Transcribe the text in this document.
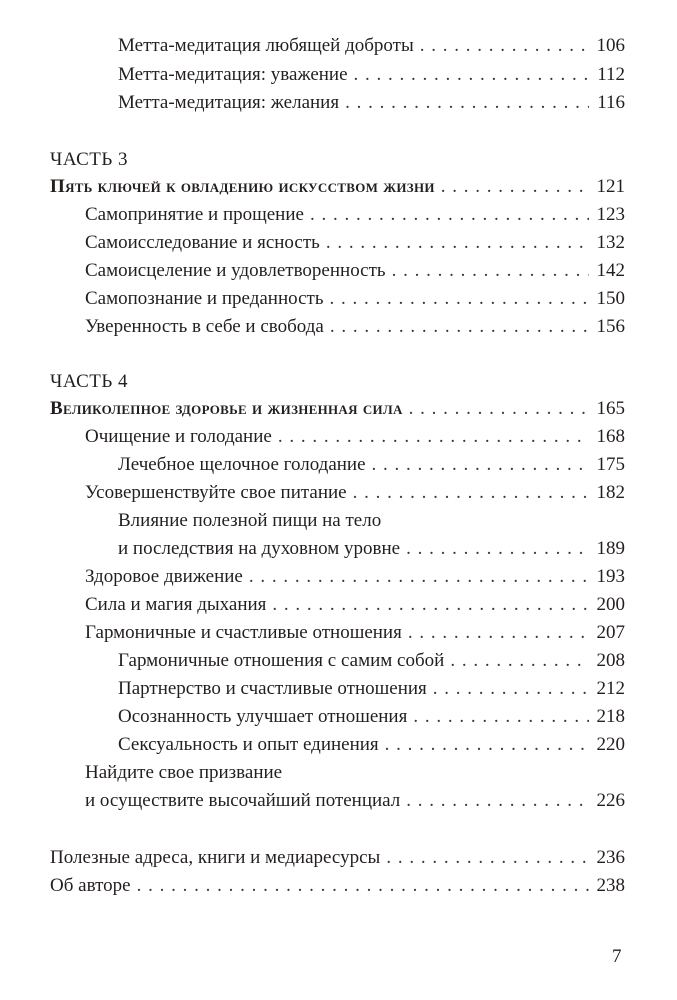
Метта-медитация любящей доброты . . .	106
Метта-медитация: уважение . . .	112
Метта-медитация: желания . . .	116
ЧАСТЬ 3
Пять ключей к овладению искусством жизни . . .	121
Самопринятие и прощение . . .	123
Самоисследование и ясность . . .	132
Самоисцеление и удовлетворенность . . .	142
Самопознание и преданность . . .	150
Уверенность в себе и свобода . . .	156
ЧАСТЬ 4
Великолепное здоровье и жизненная сила . . .	165
Очищение и голодание . . .	168
Лечебное щелочное голодание . . .	175
Усовершенствуйте свое питание . . .	182
Влияние полезной пищи на тело
и последствия на духовном уровне . . .	189
Здоровое движение . . .	193
Сила и магия дыхания . . .	200
Гармоничные и счастливые отношения . . .	207
Гармоничные отношения с самим собой . . .	208
Партнерство и счастливые отношения . . .	212
Осознанность улучшает отношения . . .	218
Сексуальность и опыт единения . . .	220
Найдите свое призвание
и осуществите высочайший потенциал . . .	226
Полезные адреса, книги и медиаресурсы . . .	236
Об авторе . . .	238
7
